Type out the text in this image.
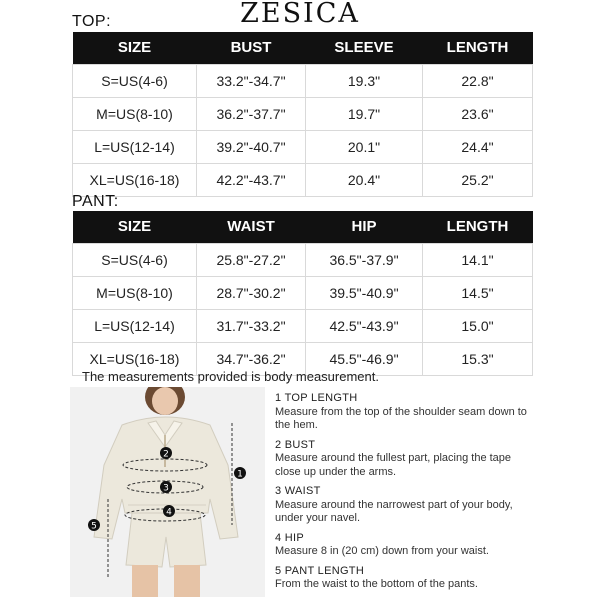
ZESICA
TOP:
SIZE	BUST	SLEEVE	LENGTH
S=US(4-6)	33.2"-34.7"	19.3"	22.8"
M=US(8-10)	36.2"-37.7"	19.7"	23.6"
L=US(12-14)	39.2"-40.7"	20.1"	24.4"
XL=US(16-18)	42.2"-43.7"	20.4"	25.2"
PANT:
SIZE	WAIST	HIP	LENGTH
S=US(4-6)	25.8"-27.2"	36.5"-37.9"	14.1"
M=US(8-10)	28.7"-30.2"	39.5"-40.9"	14.5"
L=US(12-14)	31.7"-33.2"	42.5"-43.9"	15.0"
XL=US(16-18)	34.7"-36.2"	45.5"-46.9"	15.3"
The measurements provided is body measurement.
1
2
3
4
5
1 TOP LENGTH
Measure from the top of the shoulder seam down to the hem.
2 BUST
Measure around the fullest part, placing the tape close up under the arms.
3 WAIST
Measure around the narrowest part of your body, under your navel.
4 HIP
Measure 8 in (20 cm) down from your waist.
5 PANT LENGTH
From the waist to the bottom of the pants.
